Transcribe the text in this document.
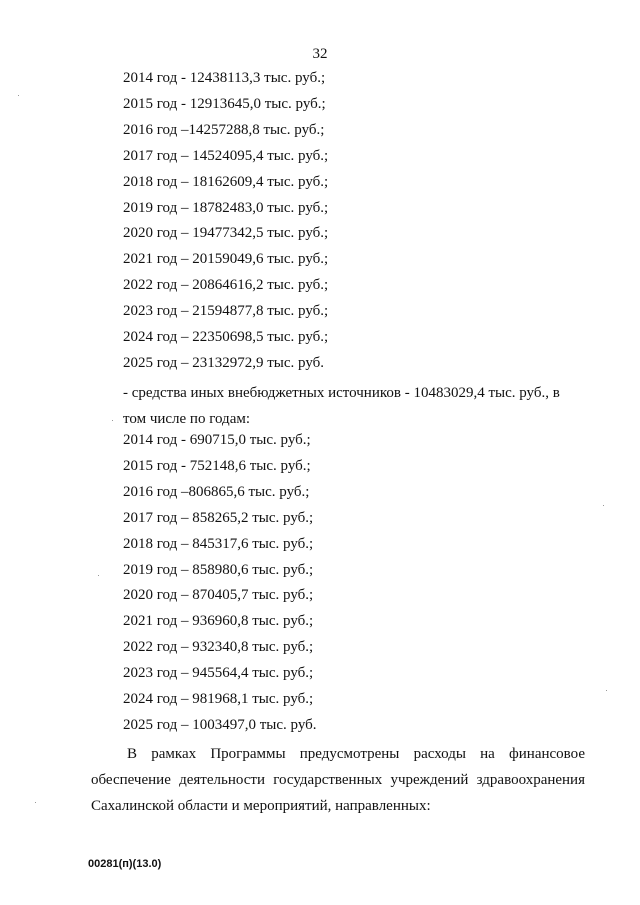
32
2014 год - 12438113,3 тыс. руб.;
2015 год - 12913645,0 тыс. руб.;
2016 год –14257288,8 тыс. руб.;
2017 год – 14524095,4 тыс. руб.;
2018 год – 18162609,4 тыс. руб.;
2019 год – 18782483,0 тыс. руб.;
2020 год – 19477342,5 тыс. руб.;
2021 год – 20159049,6 тыс. руб.;
2022 год – 20864616,2 тыс. руб.;
2023 год – 21594877,8 тыс. руб.;
2024 год – 22350698,5 тыс. руб.;
2025 год – 23132972,9 тыс. руб.
- средства иных внебюджетных источников - 10483029,4 тыс. руб., в том числе по годам:
2014 год - 690715,0 тыс. руб.;
2015 год - 752148,6 тыс. руб.;
2016 год –806865,6 тыс. руб.;
2017 год – 858265,2 тыс. руб.;
2018 год – 845317,6 тыс. руб.;
2019 год – 858980,6 тыс. руб.;
2020 год – 870405,7 тыс. руб.;
2021 год – 936960,8 тыс. руб.;
2022 год – 932340,8 тыс. руб.;
2023 год – 945564,4 тыс. руб.;
2024 год – 981968,1 тыс. руб.;
2025 год – 1003497,0 тыс. руб.
В рамках Программы предусмотрены расходы на финансовое обеспечение деятельности государственных учреждений здравоохранения Сахалинской области и мероприятий, направленных:
00281(п)(13.0)
